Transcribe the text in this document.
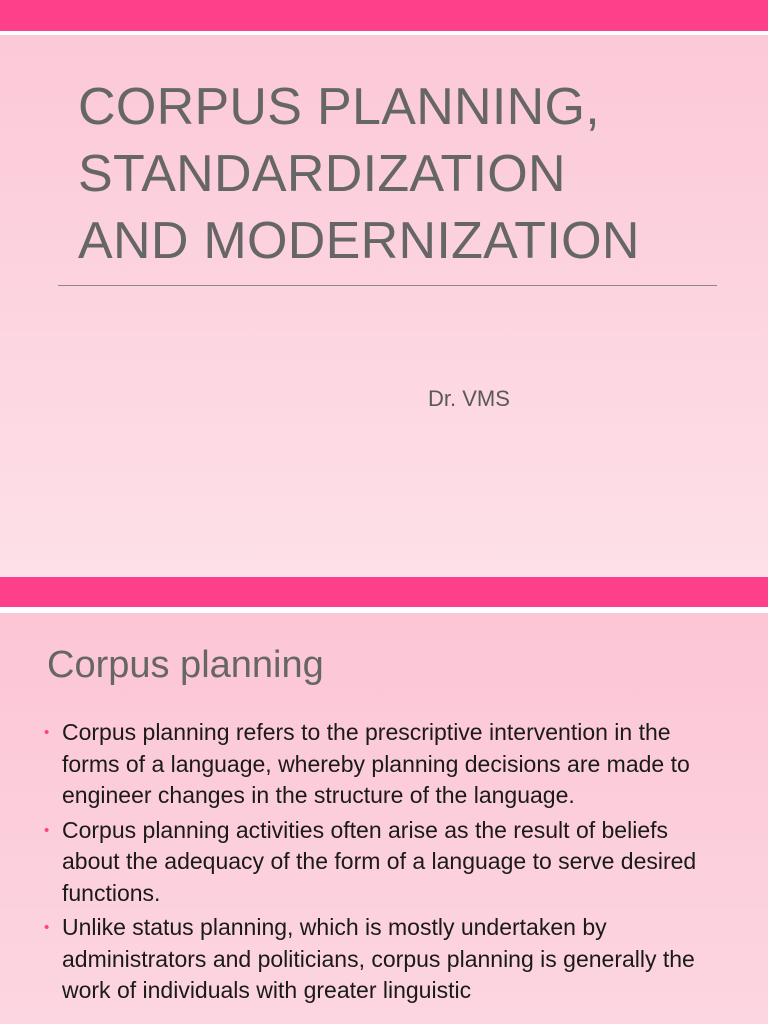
CORPUS PLANNING,
STANDARDIZATION
AND MODERNIZATION
Dr. VMS
Corpus planning
• Corpus planning refers to the prescriptive intervention in the forms of a language, whereby planning decisions are made to engineer changes in the structure of the language.
• Corpus planning activities often arise as the result of beliefs about the adequacy of the form of a language to serve desired functions.
• Unlike status planning, which is mostly undertaken by administrators and politicians, corpus planning is generally the work of individuals with greater linguistic
